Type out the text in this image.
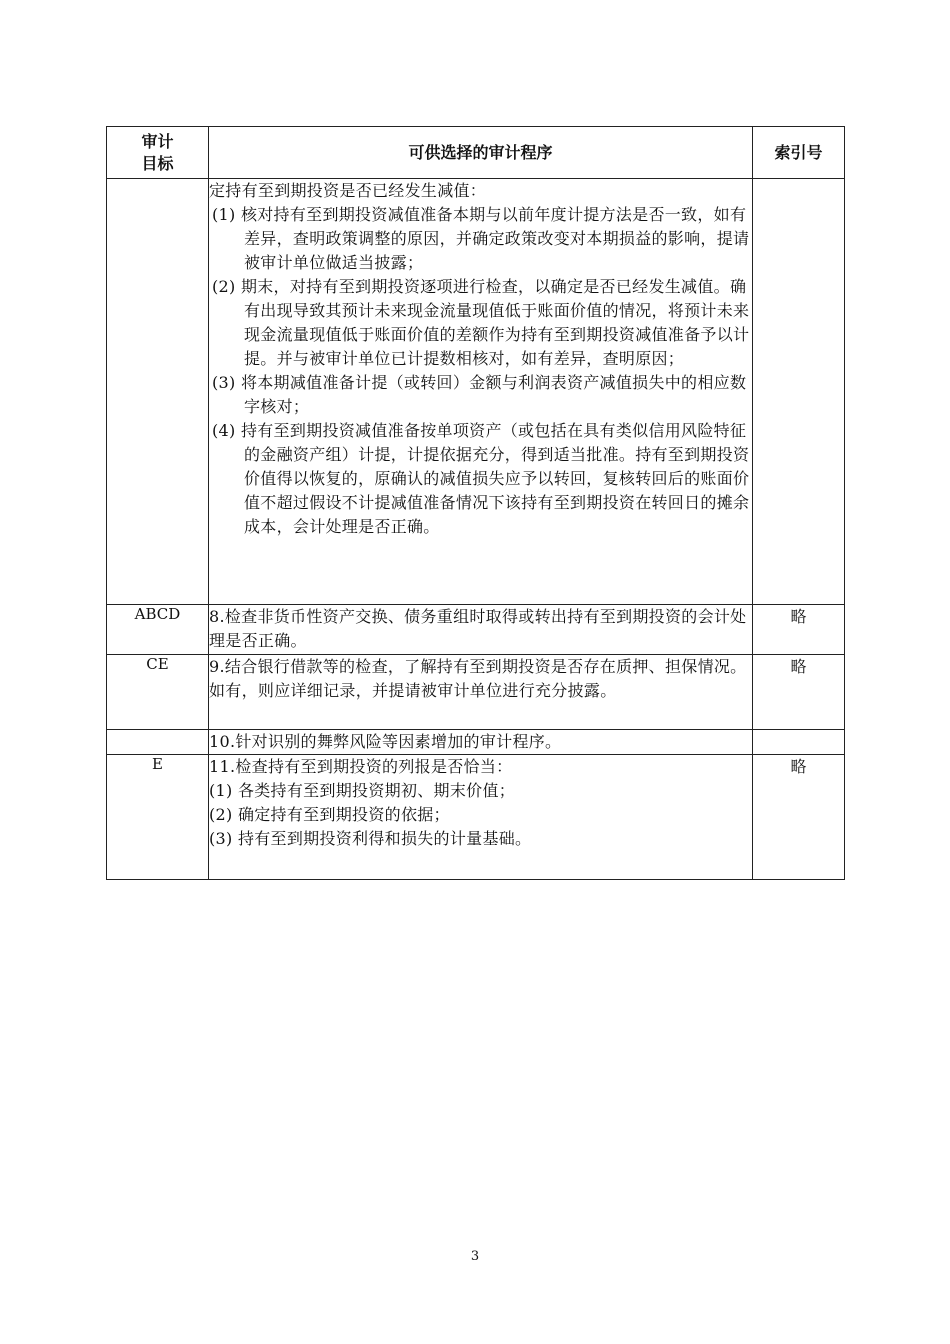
审计
目标	可供选择的审计程序	索引号

	定持有至到期投资是否已经发生减值：
(1) 核对持有至到期投资减值准备本期与以前年度计提方法是否一致，如有差异，查明政策调整的原因，并确定政策改变对本期损益的影响，提请被审计单位做适当披露；
(2) 期末，对持有至到期投资逐项进行检查，以确定是否已经发生减值。确有出现导致其预计未来现金流量现值低于账面价值的情况，将预计未来现金流量现值低于账面价值的差额作为持有至到期投资减值准备予以计提。并与被审计单位已计提数相核对，如有差异，查明原因；
(3) 将本期减值准备计提（或转回）金额与利润表资产减值损失中的相应数字核对；
(4) 持有至到期投资减值准备按单项资产（或包括在具有类似信用风险特征的金融资产组）计提，计提依据充分，得到适当批准。持有至到期投资价值得以恢复的，原确认的减值损失应予以转回，复核转回后的账面价值不超过假设不计提减值准备情况下该持有至到期投资在转回日的摊余成本，会计处理是否正确。	

ABCD	8.检查非货币性资产交换、债务重组时取得或转出持有至到期投资的会计处理是否正确。	略
CE	9.结合银行借款等的检查，了解持有至到期投资是否存在质押、担保情况。如有，则应详细记录，并提请被审计单位进行充分披露。	略

	10.针对识别的舞弊风险等因素增加的审计程序。	

E	11.检查持有至到期投资的列报是否恰当：
(1) 各类持有至到期投资期初、期末价值；
(2) 确定持有至到期投资的依据；
(3) 持有至到期投资利得和损失的计量基础。	略
3
